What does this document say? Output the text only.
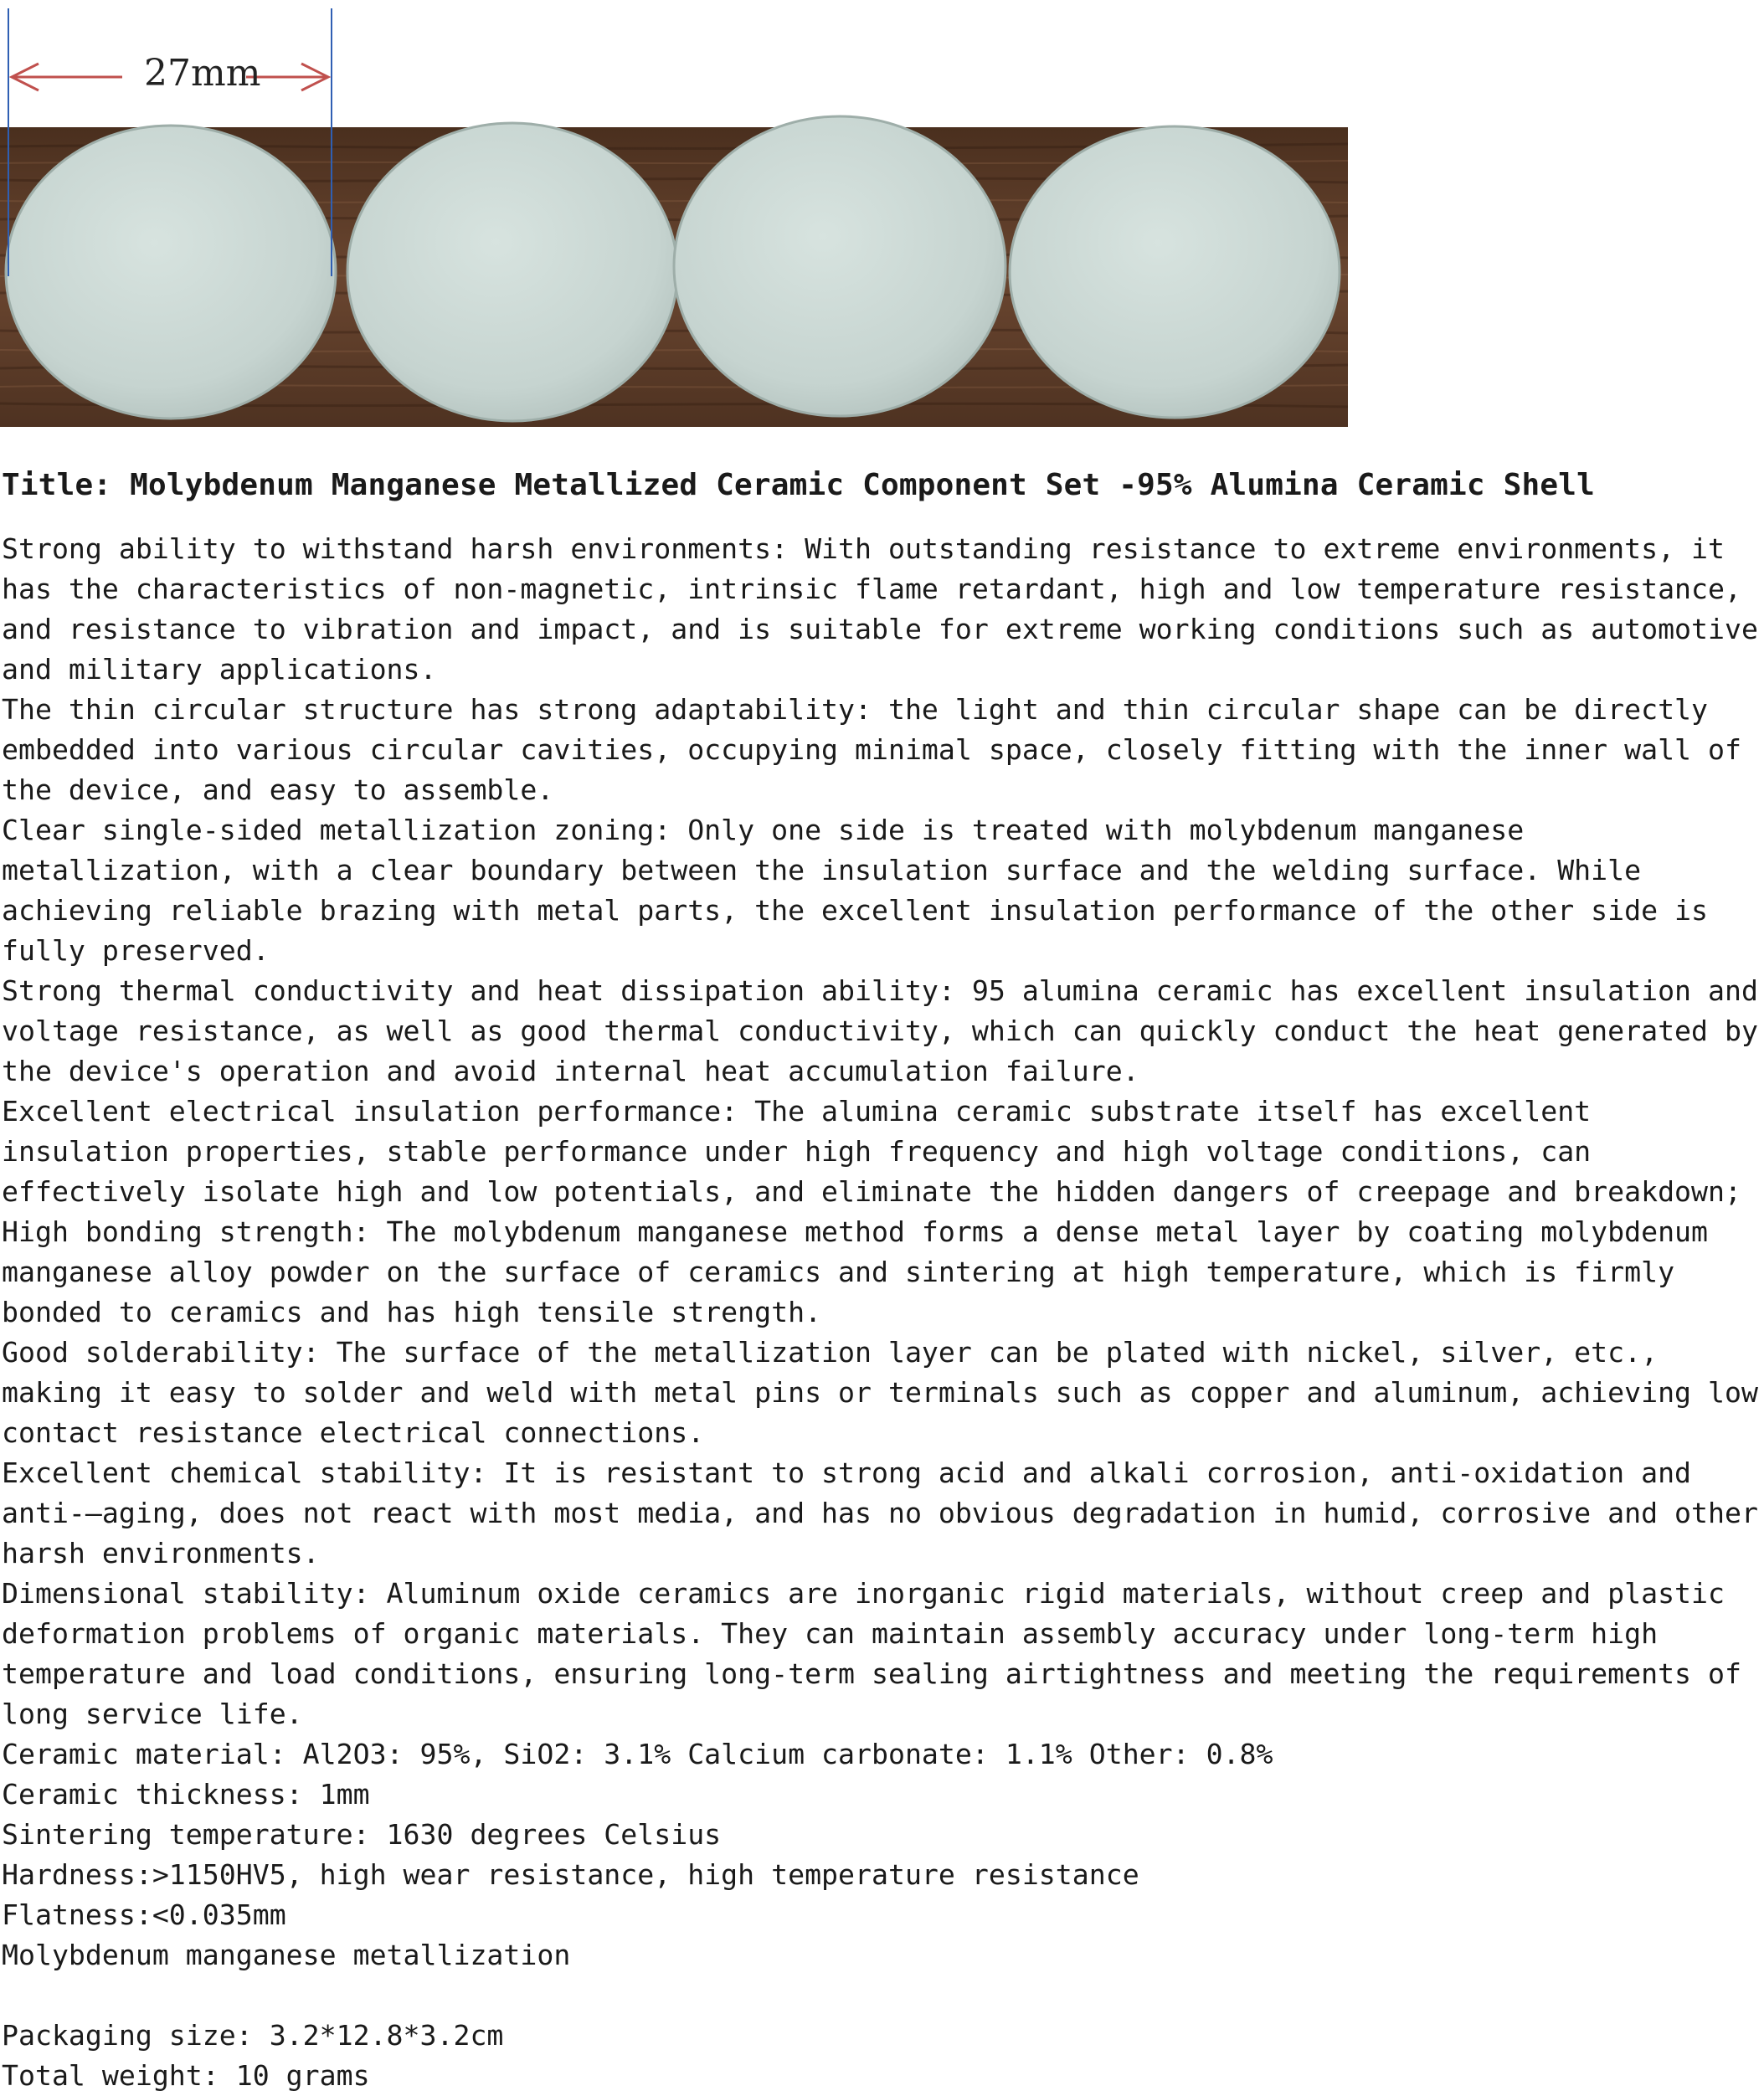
27mm
Title: Molybdenum Manganese Metallized Ceramic Component Set -95% Alumina Ceramic Shell

Strong ability to withstand harsh environments: With outstanding resistance to extreme environments, it has the characteristics of non-magnetic, intrinsic flame retardant, high and low temperature resistance, and resistance to vibration and impact, and is suitable for extreme working conditions such as automotive and military applications.

The thin circular structure has strong adaptability: the light and thin circular shape can be directly embedded into various circular cavities, occupying minimal space, closely fitting with the inner wall of the device, and easy to assemble.

Clear single-sided metallization zoning: Only one side is treated with molybdenum manganese metallization, with a clear boundary between the insulation surface and the welding surface. While achieving reliable brazing with metal parts, the excellent insulation performance of the other side is fully preserved.

Strong thermal conductivity and heat dissipation ability: 95 alumina ceramic has excellent insulation and voltage resistance, as well as good thermal conductivity, which can quickly conduct the heat generated by the device's operation and avoid internal heat accumulation failure.

Excellent electrical insulation performance: The alumina ceramic substrate itself has excellent insulation properties, stable performance under high frequency and high voltage conditions, can effectively isolate high and low potentials, and eliminate the hidden dangers of creepage and breakdown;

High bonding strength: The molybdenum manganese method forms a dense metal layer by coating molybdenum manganese alloy powder on the surface of ceramics and sintering at high temperature, which is firmly bonded to ceramics and has high tensile strength.

Good solderability: The surface of the metallization layer can be plated with nickel, silver, etc., making it easy to solder and weld with metal pins or terminals such as copper and aluminum, achieving low contact resistance electrical connections.

Excellent chemical stability: It is resistant to strong acid and alkali corrosion, anti-oxidation and anti-—aging, does not react with most media, and has no obvious degradation in humid, corrosive and other harsh environments.

Dimensional stability: Aluminum oxide ceramics are inorganic rigid materials, without creep and plastic deformation problems of organic materials. They can maintain assembly accuracy under long-term high temperature and load conditions, ensuring long-term sealing airtightness and meeting the requirements of long service life.

Ceramic material: Al2O3: 95%, SiO2: 3.1% Calcium carbonate: 1.1% Other: 0.8%

Ceramic thickness: 1mm

Sintering temperature: 1630 degrees Celsius

Hardness:>1150HV5, high wear resistance, high temperature resistance

Flatness:<0.035mm

Molybdenum manganese metallization

Packaging size: 3.2*12.8*3.2cm

Total weight: 10 grams
